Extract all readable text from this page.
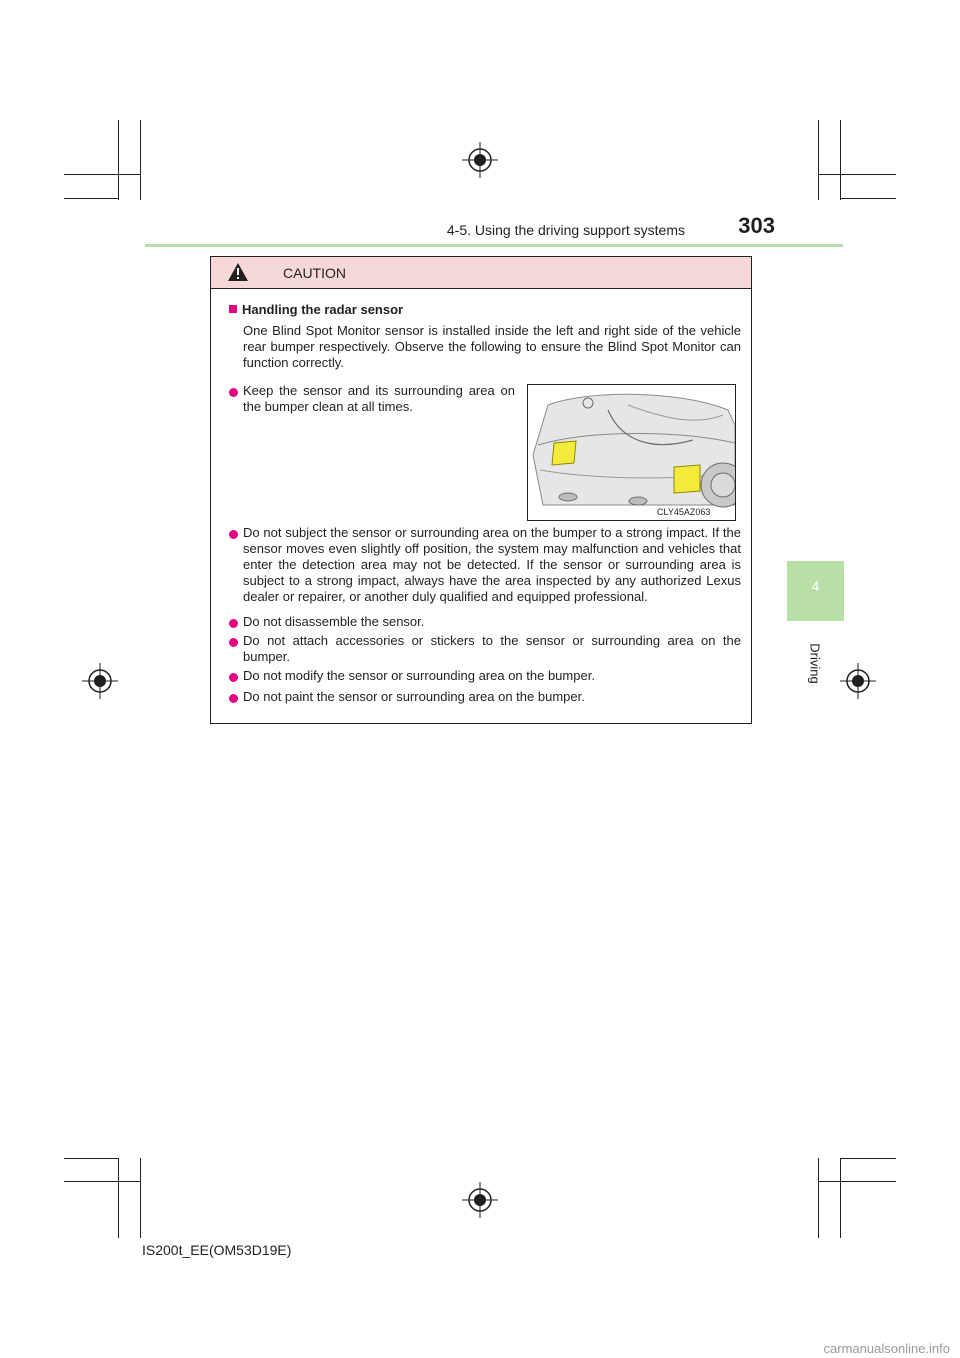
4-5. Using the driving support systems	303
4
Driving
CAUTION
Handling the radar sensor
One Blind Spot Monitor sensor is installed inside the left and right side of the vehicle rear bumper respectively. Observe the following to ensure the Blind Spot Monitor can function correctly.
Keep the sensor and its surrounding area on the bumper clean at all times.
CLY45AZ063
Do not subject the sensor or surrounding area on the bumper to a strong impact. If the sensor moves even slightly off position, the system may malfunction and vehicles that enter the detection area may not be detected. If the sensor or surrounding area is subject to a strong impact, always have the area inspected by any authorized Lexus dealer or repairer, or another duly qualified and equipped professional.
Do not disassemble the sensor.
Do not attach accessories or stickers to the sensor or surrounding area on the bumper.
Do not modify the sensor or surrounding area on the bumper.
Do not paint the sensor or surrounding area on the bumper.
IS200t_EE(OM53D19E)
carmanualsonline.info
